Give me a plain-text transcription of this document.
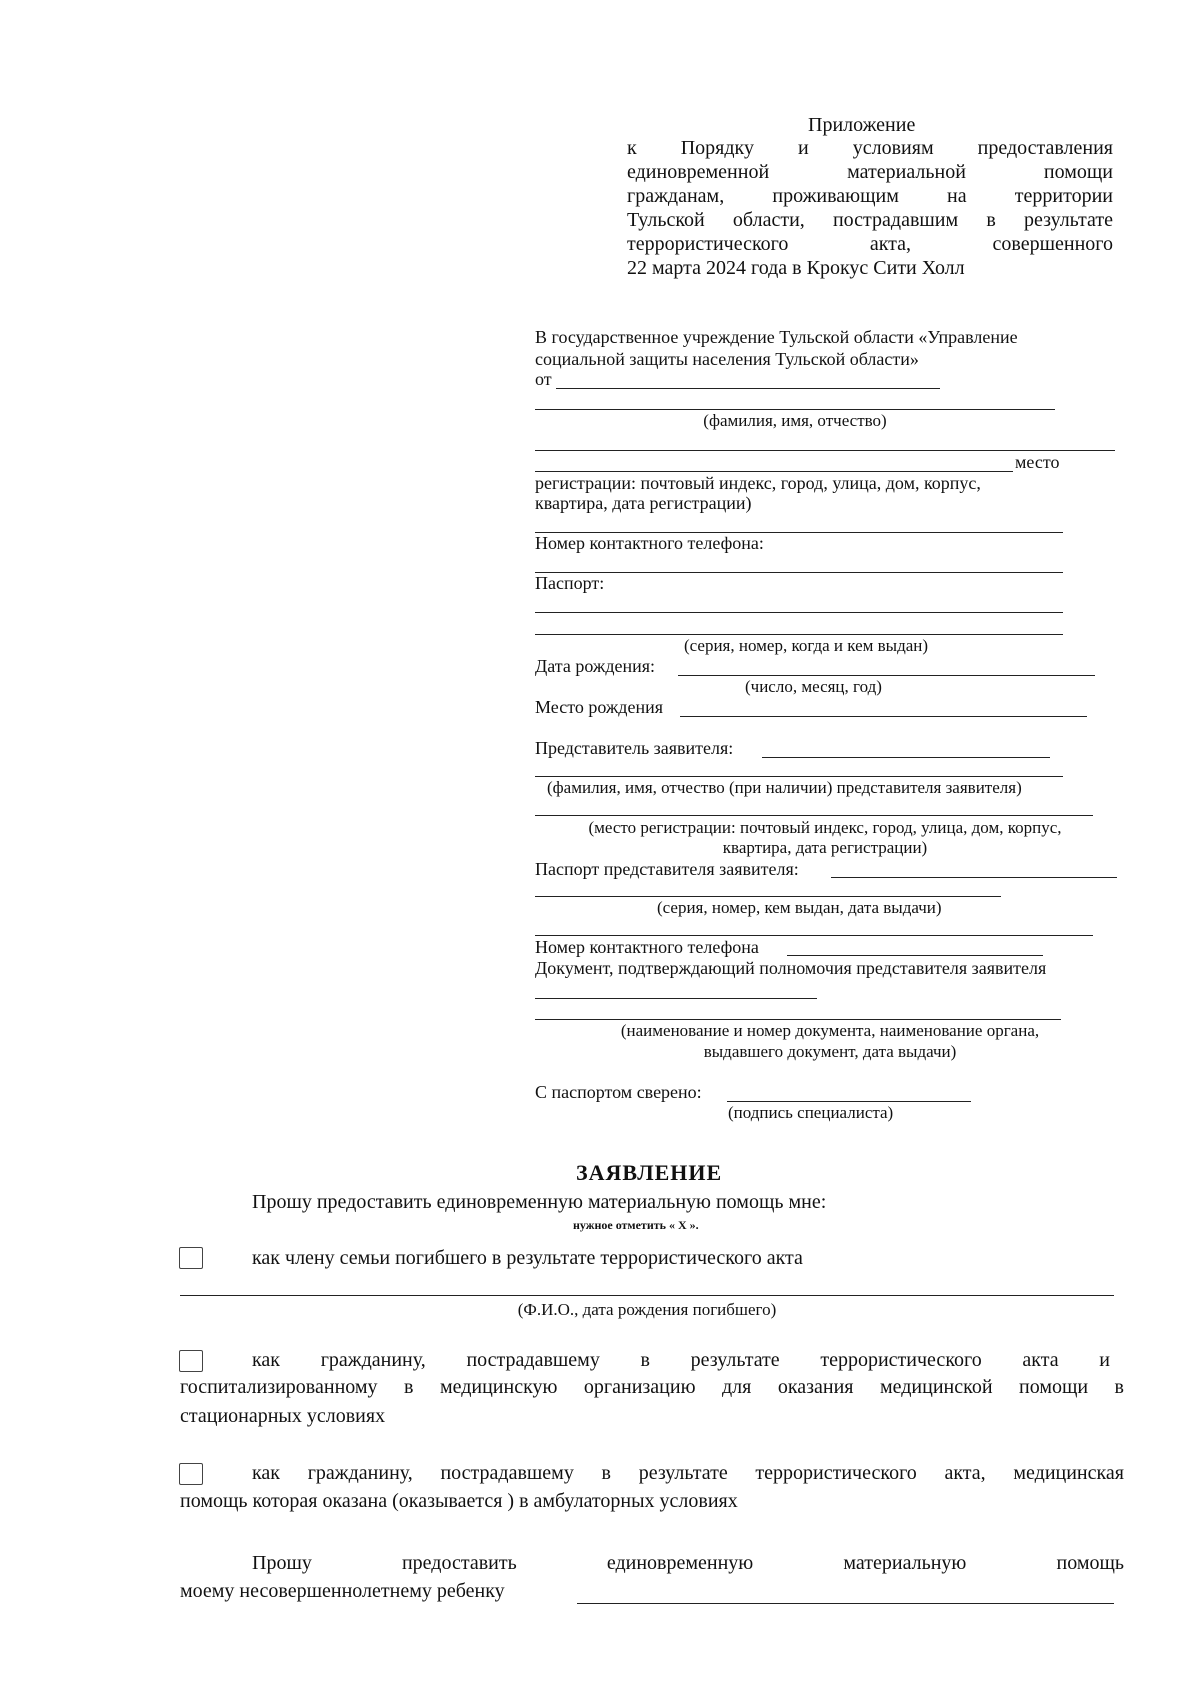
Приложение
к Порядку и условиям предоставления
единовременной материальной помощи
гражданам, проживающим на территории
Тульской области, пострадавшим в результате
террористического акта, совершенного
22 марта 2024 года в Крокус Сити Холл
В государственное учреждение Тульской области «Управление
социальной защиты населения Тульской области»
от
(фамилия, имя, отчество)
место
регистрации: почтовый индекс, город, улица, дом, корпус,
квартира, дата регистрации)
Номер контактного телефона:
Паспорт:
(серия, номер, когда и кем выдан)
Дата рождения:
(число, месяц, год)
Место рождения
Представитель заявителя:
(фамилия, имя, отчество (при наличии) представителя заявителя)
(место регистрации: почтовый индекс, город, улица, дом, корпус,
квартира, дата регистрации)
Паспорт представителя заявителя:
(серия, номер, кем выдан, дата выдачи)
Номер контактного телефона
Документ, подтверждающий полномочия представителя заявителя
(наименование и номер документа, наименование органа,
выдавшего документ, дата выдачи)
С паспортом сверено:
(подпись специалиста)
ЗАЯВЛЕНИЕ
Прошу предоставить единовременную материальную помощь мне:
нужное отметить « X ».
как члену семьи погибшего в результате террористического акта
(Ф.И.О., дата рождения погибшего)
как гражданину, пострадавшему в результате террористического акта и
госпитализированному в медицинскую организацию для оказания медицинской помощи в
стационарных условиях
как гражданину, пострадавшему в результате террористического акта, медицинская
помощь которая оказана (оказывается ) в амбулаторных условиях
Прошу предоставить единовременную материальную помощь
моему несовершеннолетнему ребенку
